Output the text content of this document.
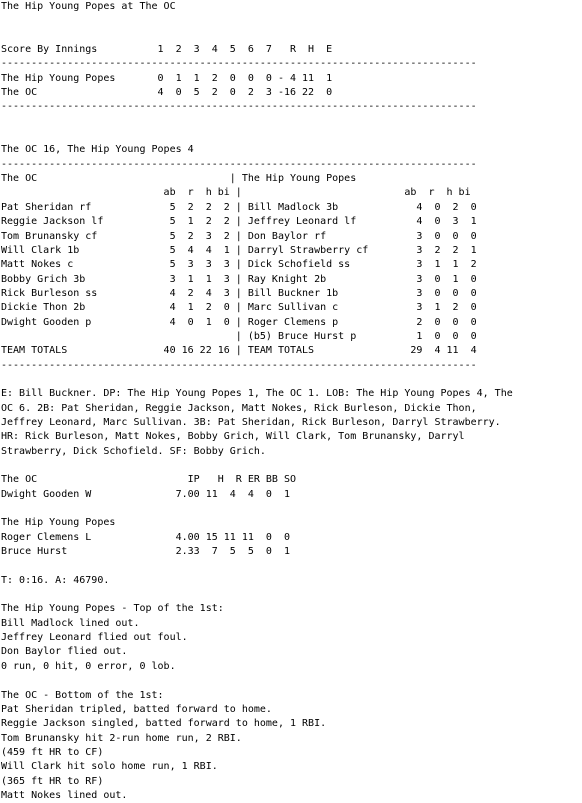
The Hip Young Popes at The OC

Score By Innings          1  2  3  4  5  6  7   R  H  E
-------------------------------------------------------------------------------
The Hip Young Popes       0  1  1  2  0  0  0 - 4 11  1
The OC                    4  0  5  2  0  2  3 -16 22  0
-------------------------------------------------------------------------------

The OC 16, The Hip Young Popes 4
-------------------------------------------------------------------------------
The OC                                | The Hip Young Popes
ab  r  h bi |                           ab  r  h bi
Pat Sheridan rf             5  2  2  2 | Bill Madlock 3b             4  0  2  0
Reggie Jackson lf           5  1  2  2 | Jeffrey Leonard lf          4  0  3  1
Tom Brunansky cf            5  2  3  2 | Don Baylor rf               3  0  0  0
Will Clark 1b               5  4  4  1 | Darryl Strawberry cf        3  2  2  1
Matt Nokes c                5  3  3  3 | Dick Schofield ss           3  1  1  2
Bobby Grich 3b              3  1  1  3 | Ray Knight 2b               3  0  1  0
Rick Burleson ss            4  2  4  3 | Bill Buckner 1b             3  0  0  0
Dickie Thon 2b              4  1  2  0 | Marc Sullivan c             3  1  2  0
Dwight Gooden p             4  0  1  0 | Roger Clemens p             2  0  0  0
| (b5) Bruce Hurst p          1  0  0  0
TEAM TOTALS                40 16 22 16 | TEAM TOTALS                29  4 11  4
-------------------------------------------------------------------------------

E: Bill Buckner. DP: The Hip Young Popes 1, The OC 1. LOB: The Hip Young Popes 4, The
OC 6. 2B: Pat Sheridan, Reggie Jackson, Matt Nokes, Rick Burleson, Dickie Thon,
Jeffrey Leonard, Marc Sullivan. 3B: Pat Sheridan, Rick Burleson, Darryl Strawberry.
HR: Rick Burleson, Matt Nokes, Bobby Grich, Will Clark, Tom Brunansky, Darryl
Strawberry, Dick Schofield. SF: Bobby Grich.

The OC                         IP   H  R ER BB SO
Dwight Gooden W              7.00 11  4  4  0  1

The Hip Young Popes
Roger Clemens L              4.00 15 11 11  0  0
Bruce Hurst                  2.33  7  5  5  0  1

T: 0:16. A: 46790.

The Hip Young Popes - Top of the 1st:
Bill Madlock lined out.
Jeffrey Leonard flied out foul.
Don Baylor flied out.
0 run, 0 hit, 0 error, 0 lob.

The OC - Bottom of the 1st:
Pat Sheridan tripled, batted forward to home.
Reggie Jackson singled, batted forward to home, 1 RBI.
Tom Brunansky hit 2-run home run, 2 RBI.
(459 ft HR to CF)
Will Clark hit solo home run, 1 RBI.
(365 ft HR to RF)
Matt Nokes lined out.
